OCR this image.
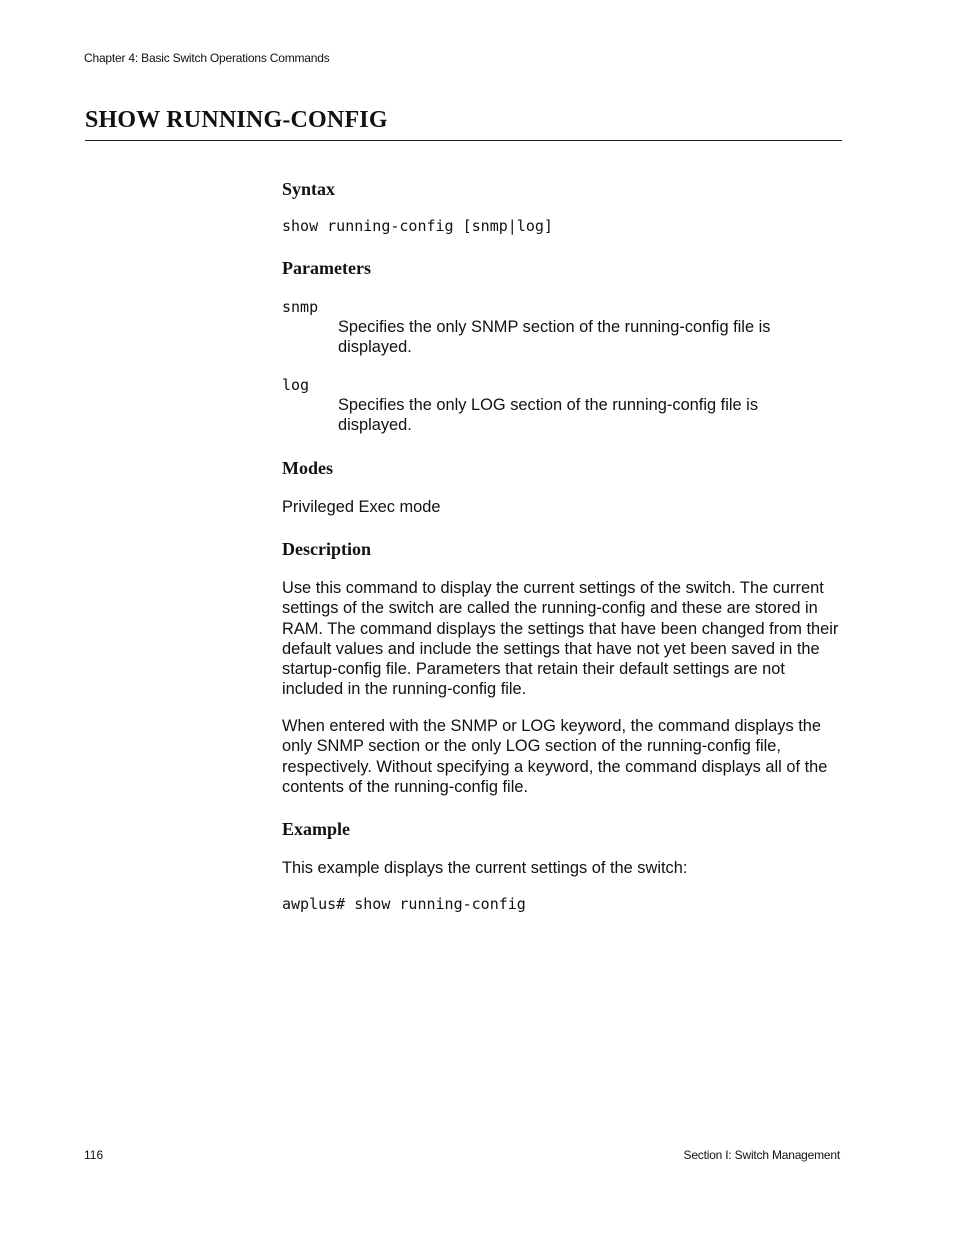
Chapter 4: Basic Switch Operations Commands
SHOW RUNNING-CONFIG
Syntax
show running-config [snmp|log]
Parameters
snmp

Specifies the only SNMP section of the running-config file is displayed.

log

Specifies the only LOG section of the running-config file is displayed.

Modes

Privileged Exec mode

Description

Use this command to display the current settings of the switch. The current settings of the switch are called the running-config and these are stored in RAM. The command displays the settings that have been changed from their default values and include the settings that have not yet been saved in the startup-config file. Parameters that retain their default settings are not included in the running-config file.

When entered with the SNMP or LOG keyword, the command displays the only SNMP section or the only LOG section of the running-config file, respectively. Without specifying a keyword, the command displays all of the contents of the running-config file.

Example

This example displays the current settings of the switch:

awplus# show running-config
116	Section I: Switch Management
